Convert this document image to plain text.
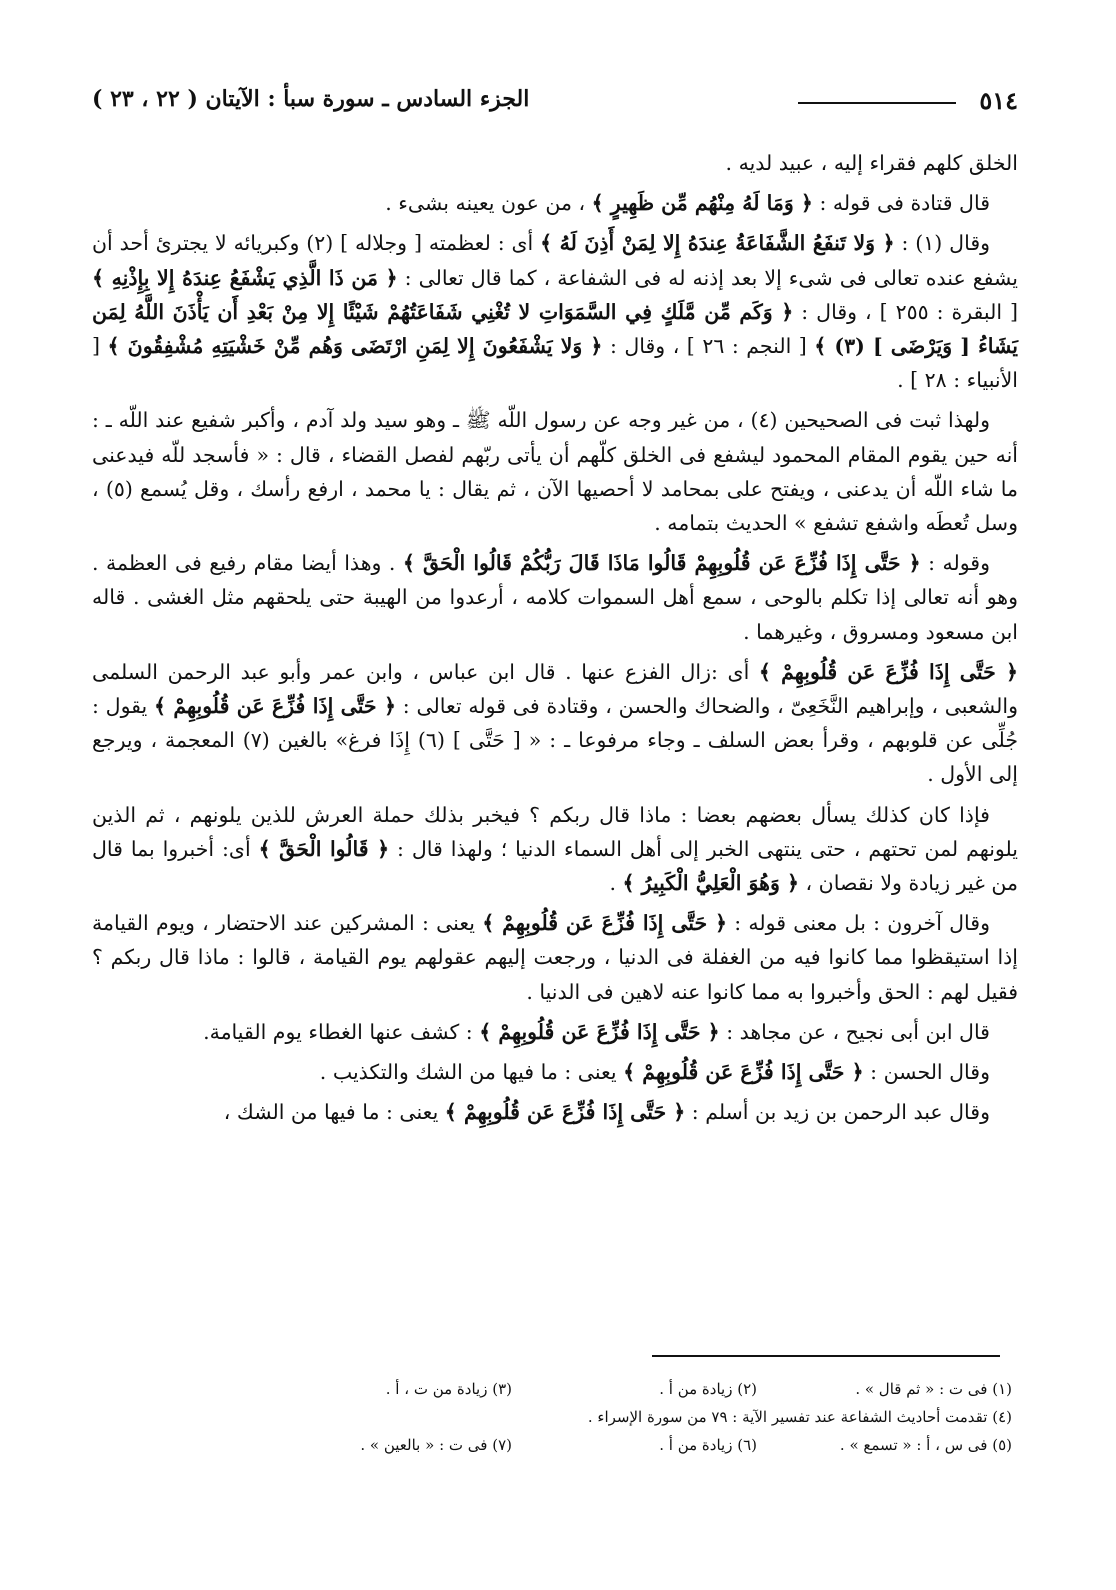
٥١٤
الجزء السادس ـ سورة سبأ : الآيتان ( ٢٢ ، ٢٣ )

الخلق كلهم فقراء إليه ، عبيد لديه .

قال قتادة فى قوله : ﴿ وَمَا لَهُ مِنْهُم مِّن ظَهِيرٍ ﴾ ، من عون يعينه بشىء .

وقال (١) : ﴿ وَلا تَنفَعُ الشَّفَاعَةُ عِندَهُ إِلا لِمَنْ أَذِنَ لَهُ ﴾ أى : لعظمته [ وجلاله ] (٢) وكبريائه لا يجترئ أحد أن يشفع عنده تعالى فى شىء إلا بعد إذنه له فى الشفاعة ، كما قال تعالى : ﴿ مَن ذَا الَّذِي يَشْفَعُ عِندَهُ إِلا بِإِذْنِهِ ﴾ [ البقرة : ٢٥٥ ] ، وقال : ﴿ وَكَم مِّن مَّلَكٍ فِي السَّمَوَاتِ لا تُغْنِي شَفَاعَتُهُمْ شَيْئًا إِلا مِنْ بَعْدِ أَن يَأْذَنَ اللَّهُ لِمَن يَشَاءُ [ وَيَرْضَى ] (٣) ﴾ [ النجم : ٢٦ ] ، وقال : ﴿ وَلا يَشْفَعُونَ إِلا لِمَنِ ارْتَضَى وَهُم مِّنْ خَشْيَتِهِ مُشْفِقُونَ ﴾ [ الأنبياء : ٢٨ ] .

ولهذا ثبت فى الصحيحين (٤) ، من غير وجه عن رسول اللّه ﷺ ـ وهو سيد ولد آدم ، وأكبر شفيع عند اللّه ـ : أنه حين يقوم المقام المحمود ليشفع فى الخلق كلّهم أن يأتى ربّهم لفصل القضاء ، قال : « فأسجد للّه فيدعنى ما شاء اللّه أن يدعنى ، ويفتح على بمحامد لا أحصيها الآن ، ثم يقال : يا محمد ، ارفع رأسك ، وقل يُسمع (٥) ، وسل تُعطَه واشفع تشفع » الحديث بتمامه .

وقوله : ﴿ حَتَّى إِذَا فُزِّعَ عَن قُلُوبِهِمْ قَالُوا مَاذَا قَالَ رَبُّكُمْ قَالُوا الْحَقَّ ﴾ . وهذا أيضا مقام رفيع فى العظمة . وهو أنه تعالى إذا تكلم بالوحى ، سمع أهل السموات كلامه ، أرعدوا من الهيبة حتى يلحقهم مثل الغشى . قاله ابن مسعود ومسروق ، وغيرهما .

﴿ حَتَّى إِذَا فُزِّعَ عَن قُلُوبِهِمْ ﴾ أى :زال الفزع عنها . قال ابن عباس ، وابن عمر وأبو عبد الرحمن السلمى والشعبى ، وإبراهيم النَّخَعِىّ ، والضحاك والحسن ، وقتادة فى قوله تعالى : ﴿ حَتَّى إِذَا فُزِّعَ عَن قُلُوبِهِمْ ﴾ يقول : جُلِّى عن قلوبهم ، وقرأ بعض السلف ـ وجاء مرفوعا ـ : « [ حَتَّى ] (٦) إِذَا فرغ» بالغين (٧) المعجمة ، ويرجع إلى الأول .

فإذا كان كذلك يسأل بعضهم بعضا : ماذا قال ربكم ؟ فيخبر بذلك حملة العرش للذين يلونهم ، ثم الذين يلونهم لمن تحتهم ، حتى ينتهى الخبر إلى أهل السماء الدنيا ؛ ولهذا قال : ﴿ قَالُوا الْحَقَّ ﴾ أى: أخبروا بما قال من غير زيادة ولا نقصان ، ﴿ وَهُوَ الْعَلِيُّ الْكَبِيرُ ﴾ .

وقال آخرون : بل معنى قوله : ﴿ حَتَّى إِذَا فُزِّعَ عَن قُلُوبِهِمْ ﴾ يعنى : المشركين عند الاحتضار ، ويوم القيامة إذا استيقظوا مما كانوا فيه من الغفلة فى الدنيا ، ورجعت إليهم عقولهم يوم القيامة ، قالوا : ماذا قال ربكم ؟ فقيل لهم : الحق وأخبروا به مما كانوا عنه لاهين فى الدنيا .

قال ابن أبى نجيح ، عن مجاهد : ﴿ حَتَّى إِذَا فُزِّعَ عَن قُلُوبِهِمْ ﴾ : كشف عنها الغطاء يوم القيامة.

وقال الحسن : ﴿ حَتَّى إِذَا فُزِّعَ عَن قُلُوبِهِمْ ﴾ يعنى : ما فيها من الشك والتكذيب .

وقال عبد الرحمن بن زيد بن أسلم : ﴿ حَتَّى إِذَا فُزِّعَ عَن قُلُوبِهِمْ ﴾ يعنى : ما فيها من الشك ،

(١) فى ت : « ثم قال » .
(٢) زيادة من أ .
(٣) زيادة من ت ، أ .
(٤) تقدمت أحاديث الشفاعة عند تفسير الآية : ٧٩ من سورة الإسراء .
(٥) فى س ، أ : « تسمع » .
(٦) زيادة من أ .
(٧) فى ت : « بالعين » .
